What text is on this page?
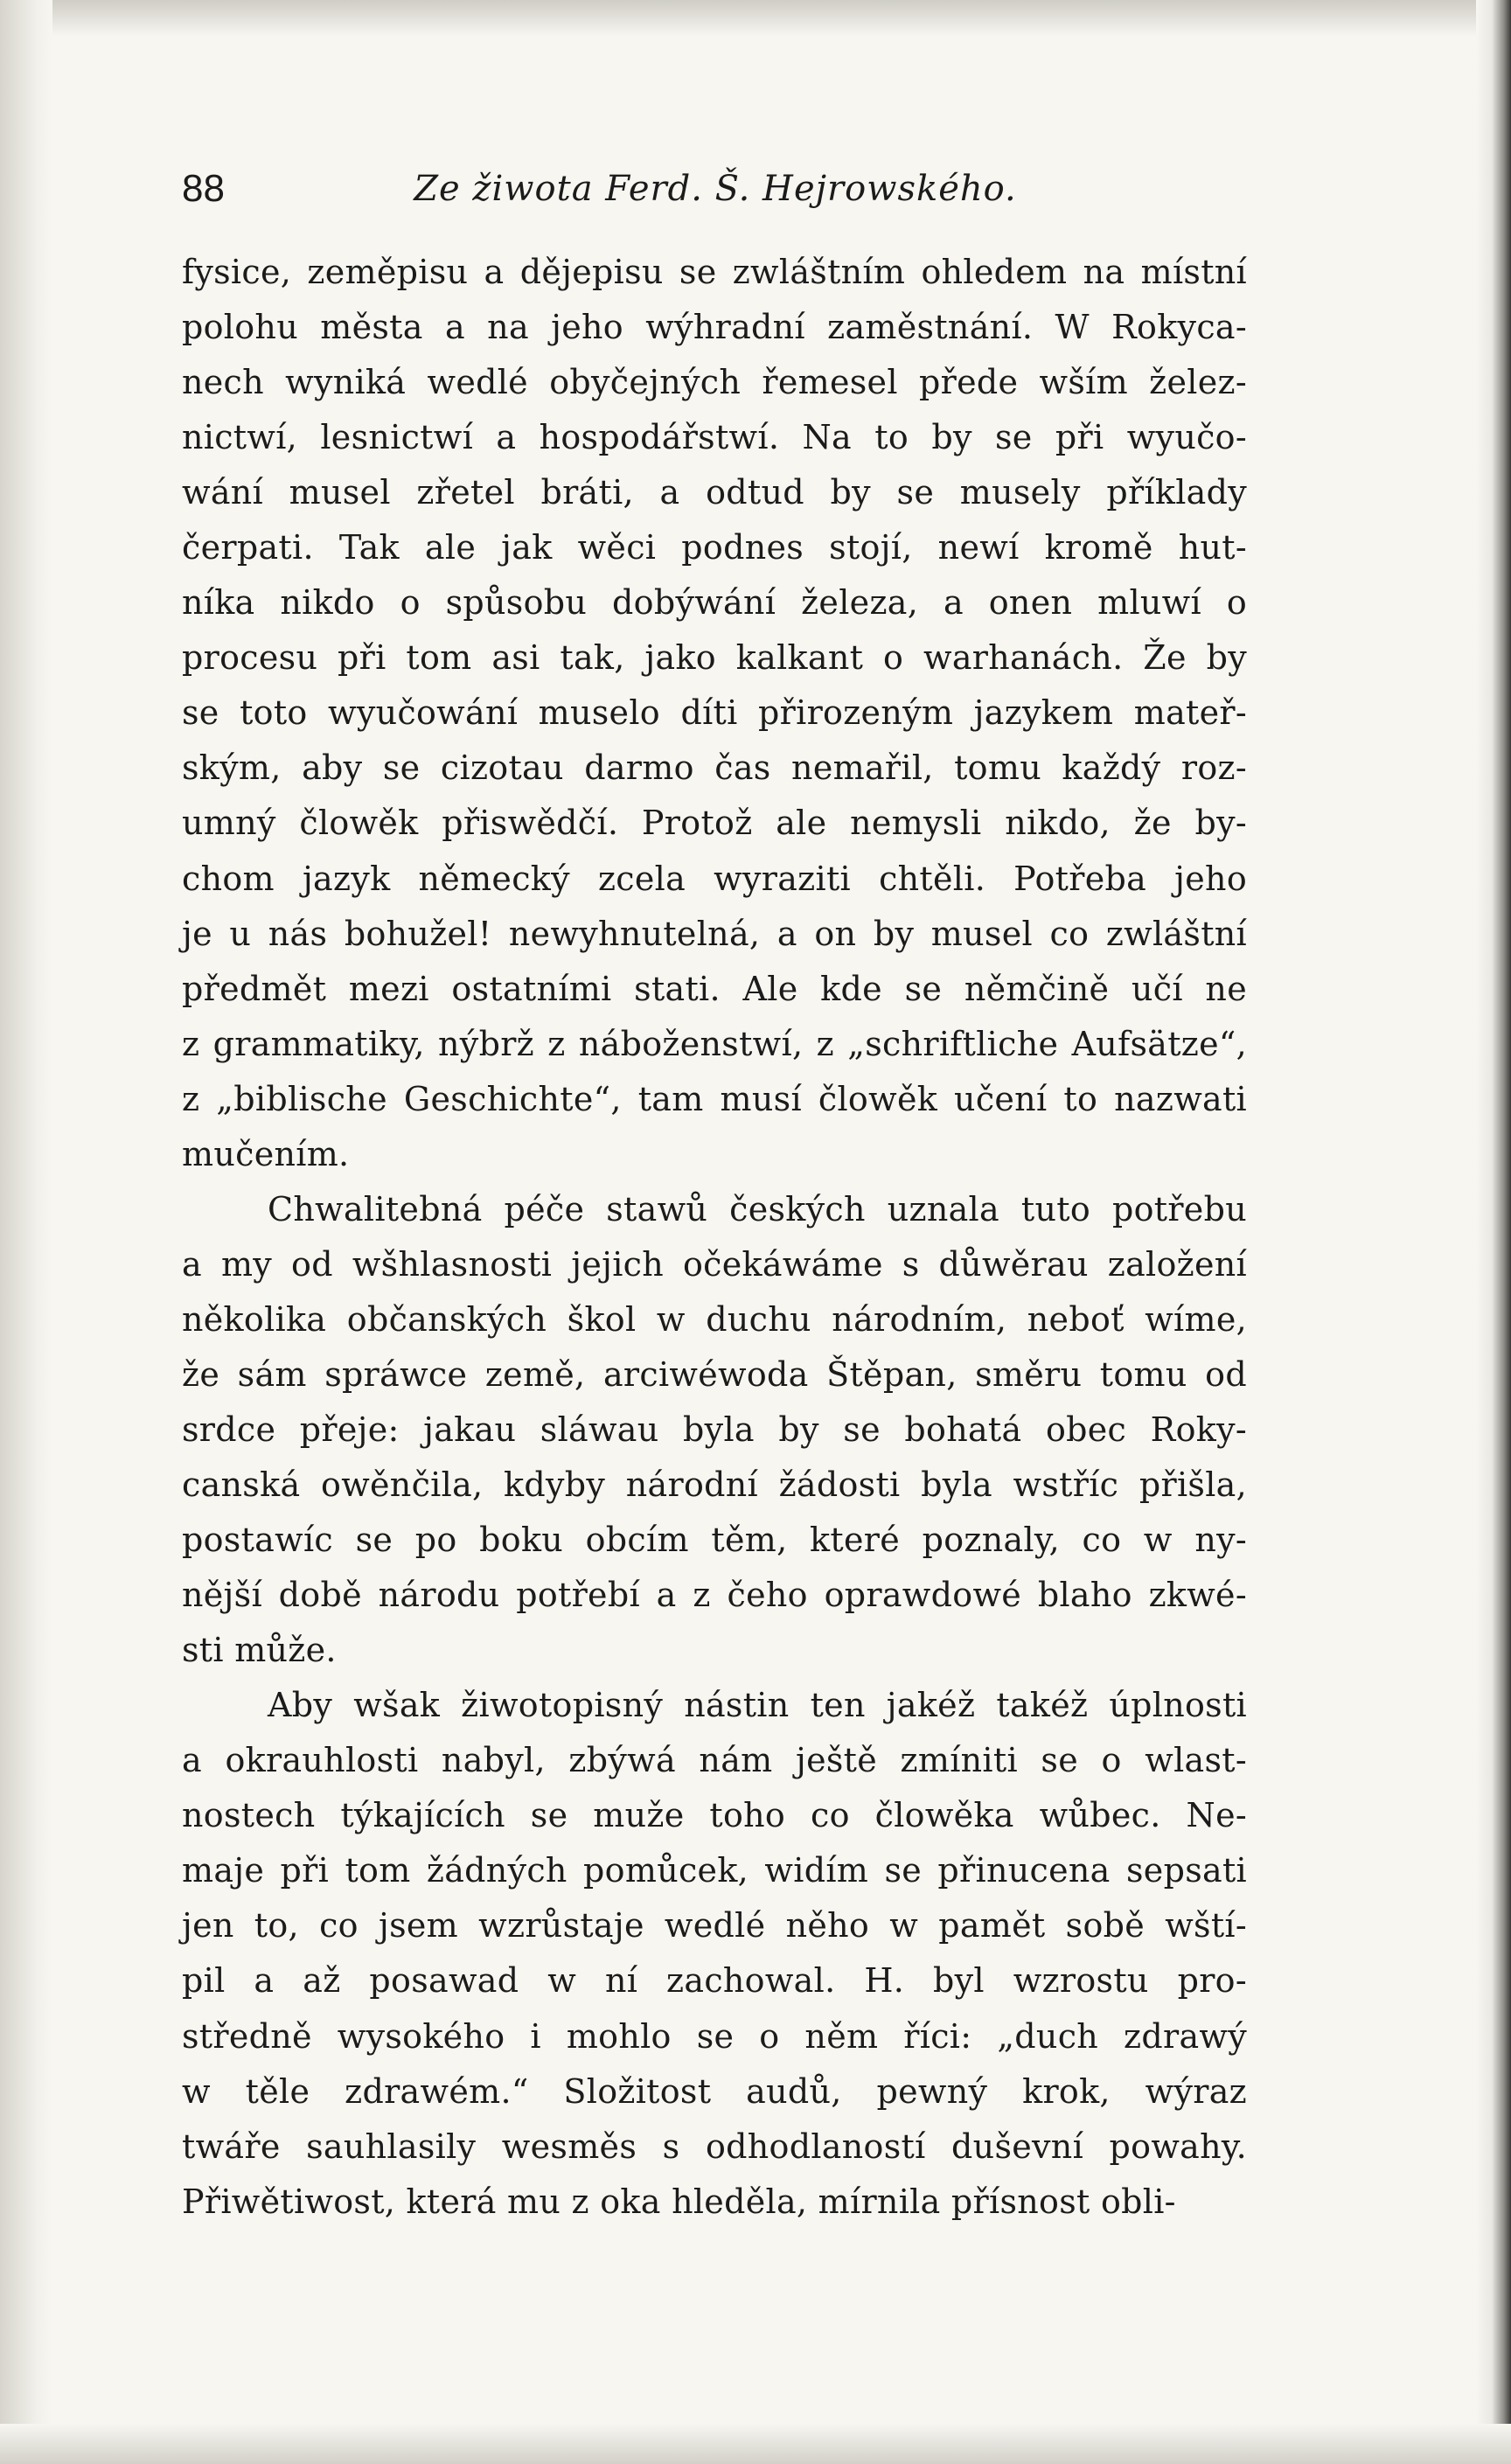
88	Ze žiwota Ferd. Š. Hejrowského.
fysice, zeměpisu a dějepisu se zwláštním ohledem na místní
polohu města a na jeho wýhradní zaměstnání. W Rokyca-
nech wyniká wedlé obyčejných řemesel přede wším želez-
nictwí, lesnictwí a hospodářstwí. Na to by se při wyučo-
wání musel zřetel bráti, a odtud by se musely příklady
čerpati. Tak ale jak wěci podnes stojí, newí kromě hut-
níka nikdo o spůsobu dobýwání železa, a onen mluwí o
procesu při tom asi tak, jako kalkant o warhanách. Že by
se toto wyučowání muselo díti přirozeným jazykem mateř-
ským, aby se cizotau darmo čas nemařil, tomu každý roz-
umný člowěk přiswědčí. Protož ale nemysli nikdo, že by-
chom jazyk německý zcela wyraziti chtěli. Potřeba jeho
je u nás bohužel! newyhnutelná, a on by musel co zwláštní
předmět mezi ostatními stati. Ale kde se němčině učí ne
z grammatiky, nýbrž z náboženstwí, z „schriftliche Aufsätze“,
z „biblische Geschichte“, tam musí člowěk učení to nazwati
mučením.
Chwalitebná péče stawů českých uznala tuto potřebu
a my od wšhlasnosti jejich očekáwáme s důwěrau založení
několika občanských škol w duchu národním, neboť wíme,
že sám spráwce země, arciwéwoda Štěpan, směru tomu od
srdce přeje: jakau sláwau byla by se bohatá obec Roky-
canská owěnčila, kdyby národní žádosti byla wstříc přišla,
postawíc se po boku obcím těm, které poznaly, co w ny-
nější době národu potřebí a z čeho oprawdowé blaho zkwé-
sti může.
Aby wšak žiwotopisný nástin ten jakéž takéž úplnosti
a okrauhlosti nabyl, zbýwá nám ještě zmíniti se o wlast-
nostech týkajících se muže toho co člowěka wůbec. Ne-
maje při tom žádných pomůcek, widím se přinucena sepsati
jen to, co jsem wzrůstaje wedlé něho w pamět sobě wští-
pil a až posawad w ní zachowal. H. byl wzrostu pro-
středně wysokého i mohlo se o něm říci: „duch zdrawý
w těle zdrawém.“ Složitost audů, pewný krok, wýraz
twáře sauhlasily wesměs s odhodlaností duševní powahy.
Přiwětiwost, která mu z oka hleděla, mírnila přísnost obli-
